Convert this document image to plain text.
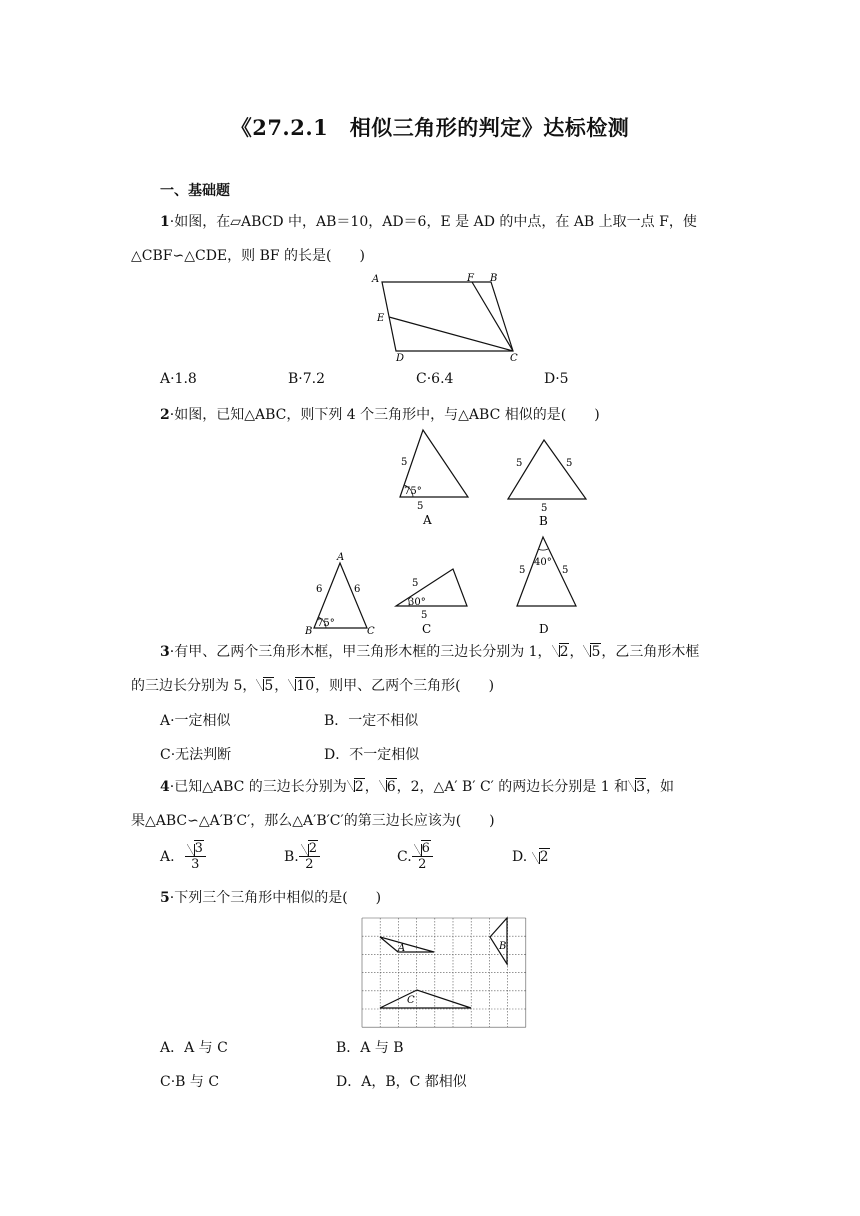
《27.2.1　相似三角形的判定》达标检测
一、基础题
1·如图，在▱ABCD 中，AB＝10，AD＝6，E 是 AD 的中点，在 AB 上取一点 F，使
△CBF∽△CDE，则 BF 的长是(　　)
A	F B
E
D	C
A·1.8	B·7.2	C·6.4	D·5
2·如图，已知△ABC，则下列 4 个三角形中，与△ABC 相似的是(　　)
5
75°
5
A
5	5
5
B
A
6	6
75°
B	C
5
30°
5
C
40°
5	5
D
3·有甲、乙两个三角形木框，甲三角形木框的三边长分别为 1， 2， 5，乙三角形木框
的三边长分别为 5， 5， 10，则甲、乙两个三角形(　　)
A·一定相似	B．一定不相似
C·无法判断	D．不一定相似
4·已知△ABC 的三边长分别为 2， 6，2，△A′ B′ C′ 的两边长分别是 1 和 3，如
果△ABC∽△A′B′C′，那么△A′B′C′的第三边长应该为(　　)
A. $\frac{3}{3}$	B. $\frac{2}{2}$	C. $\frac{6}{2}$	D. 2
5·下列三个三角形中相似的是(　　)
A	B
C
A．A 与 C	B．A 与 B
C·B 与 C	D．A，B，C 都相似
